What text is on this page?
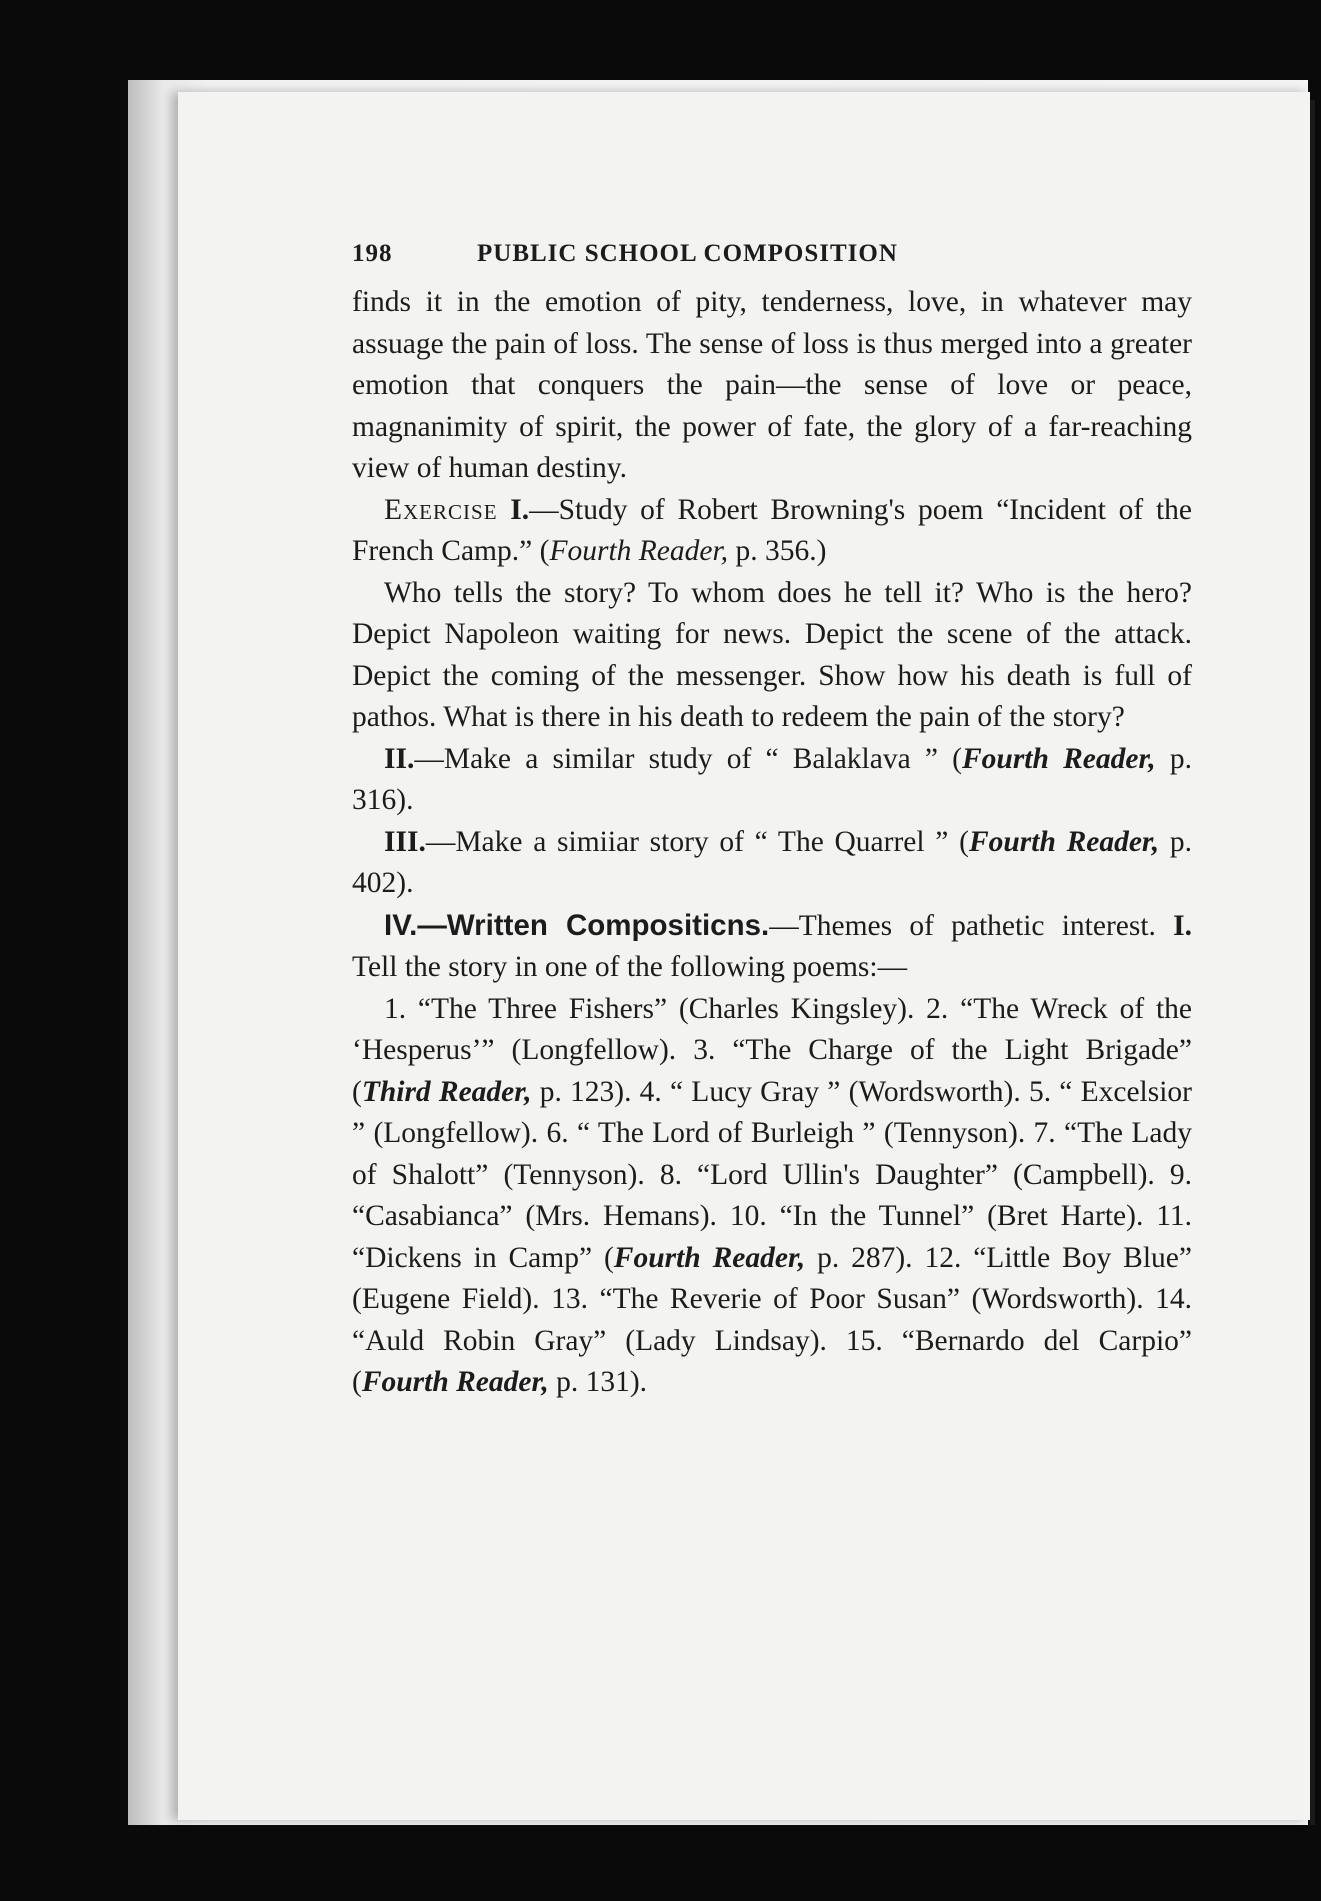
198	PUBLIC SCHOOL COMPOSITION

finds it in the emotion of pity, tenderness, love, in whatever may assuage the pain of loss. The sense of loss is thus merged into a greater emotion that conquers the pain—the sense of love or peace, magnanimity of spirit, the power of fate, the glory of a far-reaching view of human destiny.

Exercise I.—Study of Robert Browning's poem “Incident of the French Camp.” (Fourth Reader, p. 356.)

Who tells the story? To whom does he tell it? Who is the hero? Depict Napoleon waiting for news. Depict the scene of the attack. Depict the coming of the messenger. Show how his death is full of pathos. What is there in his death to redeem the pain of the story?

II.—Make a similar study of “ Balaklava ” (Fourth Reader, p. 316).

III.—Make a simiiar story of “ The Quarrel ” (Fourth Reader, p. 402).

IV.—Written Compositicns.—Themes of pathetic interest. I. Tell the story in one of the following poems:—

1. “The Three Fishers” (Charles Kingsley). 2. “The Wreck of the ‘Hesperus’” (Longfellow). 3. “The Charge of the Light Brigade” (Third Reader, p. 123). 4. “ Lucy Gray ” (Wordsworth). 5. “ Excelsior ” (Longfellow). 6. “ The Lord of Burleigh ” (Tennyson). 7. “The Lady of Shalott” (Tennyson). 8. “Lord Ullin's Daughter” (Campbell). 9. “Casabianca” (Mrs. Hemans). 10. “In the Tunnel” (Bret Harte). 11. “Dickens in Camp” (Fourth Reader, p. 287). 12. “Little Boy Blue” (Eugene Field). 13. “The Reverie of Poor Susan” (Wordsworth). 14. “Auld Robin Gray” (Lady Lindsay). 15. “Bernardo del Carpio” (Fourth Reader, p. 131).
